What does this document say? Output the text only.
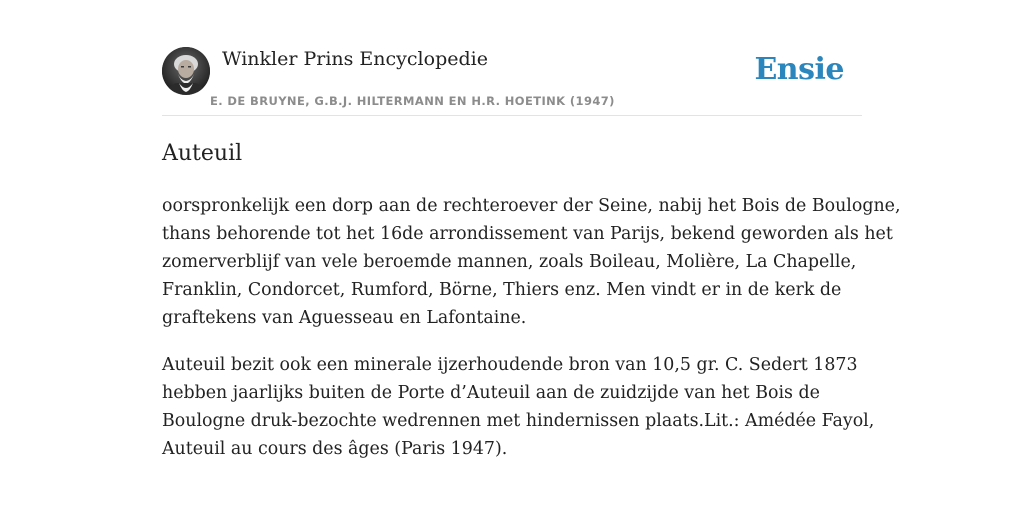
Winkler Prins Encyclopedie
E. DE BRUYNE, G.B.J. HILTERMANN EN H.R. HOETINK (1947)
Ensie
Auteuil

oorspronkelijk een dorp aan de rechteroever der Seine, nabij het Bois de Boulogne,
thans behorende tot het 16de arrondissement van Parijs, bekend geworden als het
zomerverblijf van vele beroemde mannen, zoals Boileau, Molière, La Chapelle,
Franklin, Condorcet, Rumford, Börne, Thiers enz. Men vindt er in de kerk de
graftekens van Aguesseau en Lafontaine.

Auteuil bezit ook een minerale ijzerhoudende bron van 10,5 gr. C. Sedert 1873
hebben jaarlijks buiten de Porte d’Auteuil aan de zuidzijde van het Bois de
Boulogne druk-bezochte wedrennen met hindernissen plaats.Lit.: Amédée Fayol,
Auteuil au cours des âges (Paris 1947).
